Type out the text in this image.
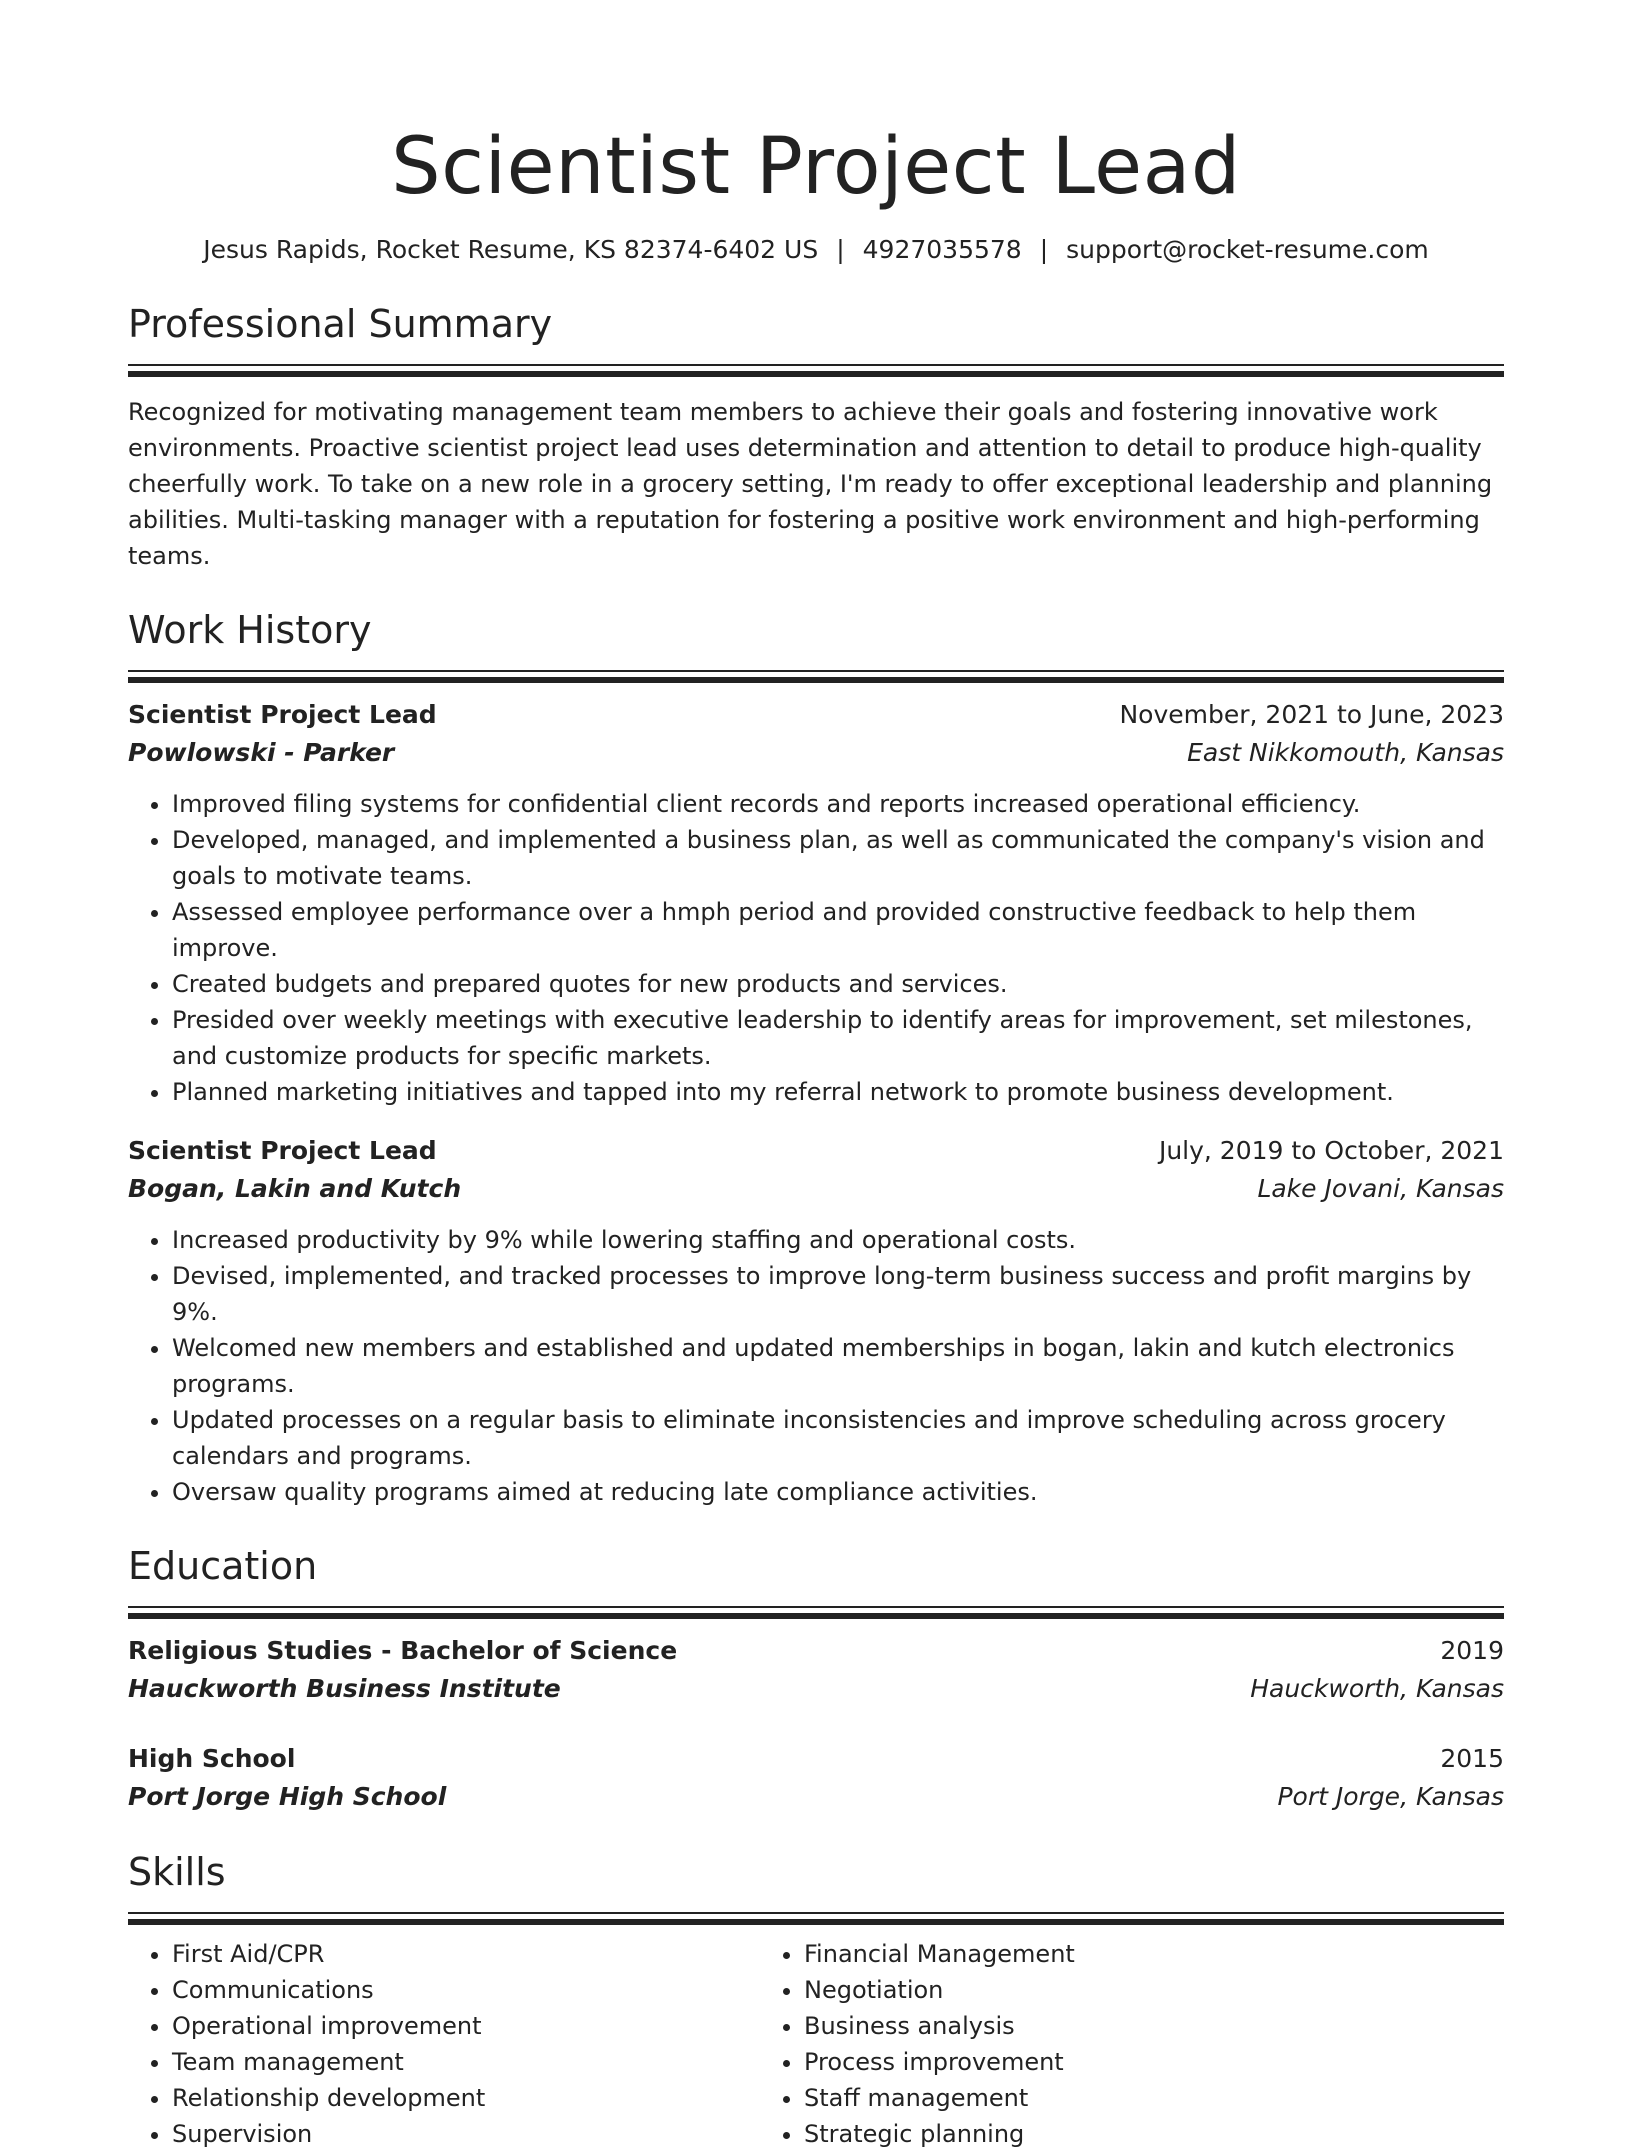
Scientist Project Lead
Jesus Rapids, Rocket Resume, KS 82374-6402 US | 4927035578 | support@rocket-resume.com
Professional Summary
Recognized for motivating management team members to achieve their goals and fostering innovative work environments. Proactive scientist project lead uses determination and attention to detail to produce high-quality cheerfully work. To take on a new role in a grocery setting, I'm ready to offer exceptional leadership and planning abilities. Multi-tasking manager with a reputation for fostering a positive work environment and high-performing teams.
Work History
Scientist Project Lead	November, 2021 to June, 2023
Powlowski - Parker	East Nikkomouth, Kansas
• Improved filing systems for confidential client records and reports increased operational efficiency.
• Developed, managed, and implemented a business plan, as well as communicated the company's vision and goals to motivate teams.
• Assessed employee performance over a hmph period and provided constructive feedback to help them improve.
• Created budgets and prepared quotes for new products and services.
• Presided over weekly meetings with executive leadership to identify areas for improvement, set milestones, and customize products for specific markets.
• Planned marketing initiatives and tapped into my referral network to promote business development.
Scientist Project Lead	July, 2019 to October, 2021
Bogan, Lakin and Kutch	Lake Jovani, Kansas
• Increased productivity by 9% while lowering staffing and operational costs.
• Devised, implemented, and tracked processes to improve long-term business success and profit margins by 9%.
• Welcomed new members and established and updated memberships in bogan, lakin and kutch electronics programs.
• Updated processes on a regular basis to eliminate inconsistencies and improve scheduling across grocery calendars and programs.
• Oversaw quality programs aimed at reducing late compliance activities.
Education
Religious Studies - Bachelor of Science	2019
Hauckworth Business Institute	Hauckworth, Kansas
High School	2015
Port Jorge High School	Port Jorge, Kansas
Skills
• First Aid/CPR
• Communications
• Operational improvement
• Team management
• Relationship development
• Supervision
• Financial Management
• Negotiation
• Business analysis
• Process improvement
• Staff management
• Strategic planning
